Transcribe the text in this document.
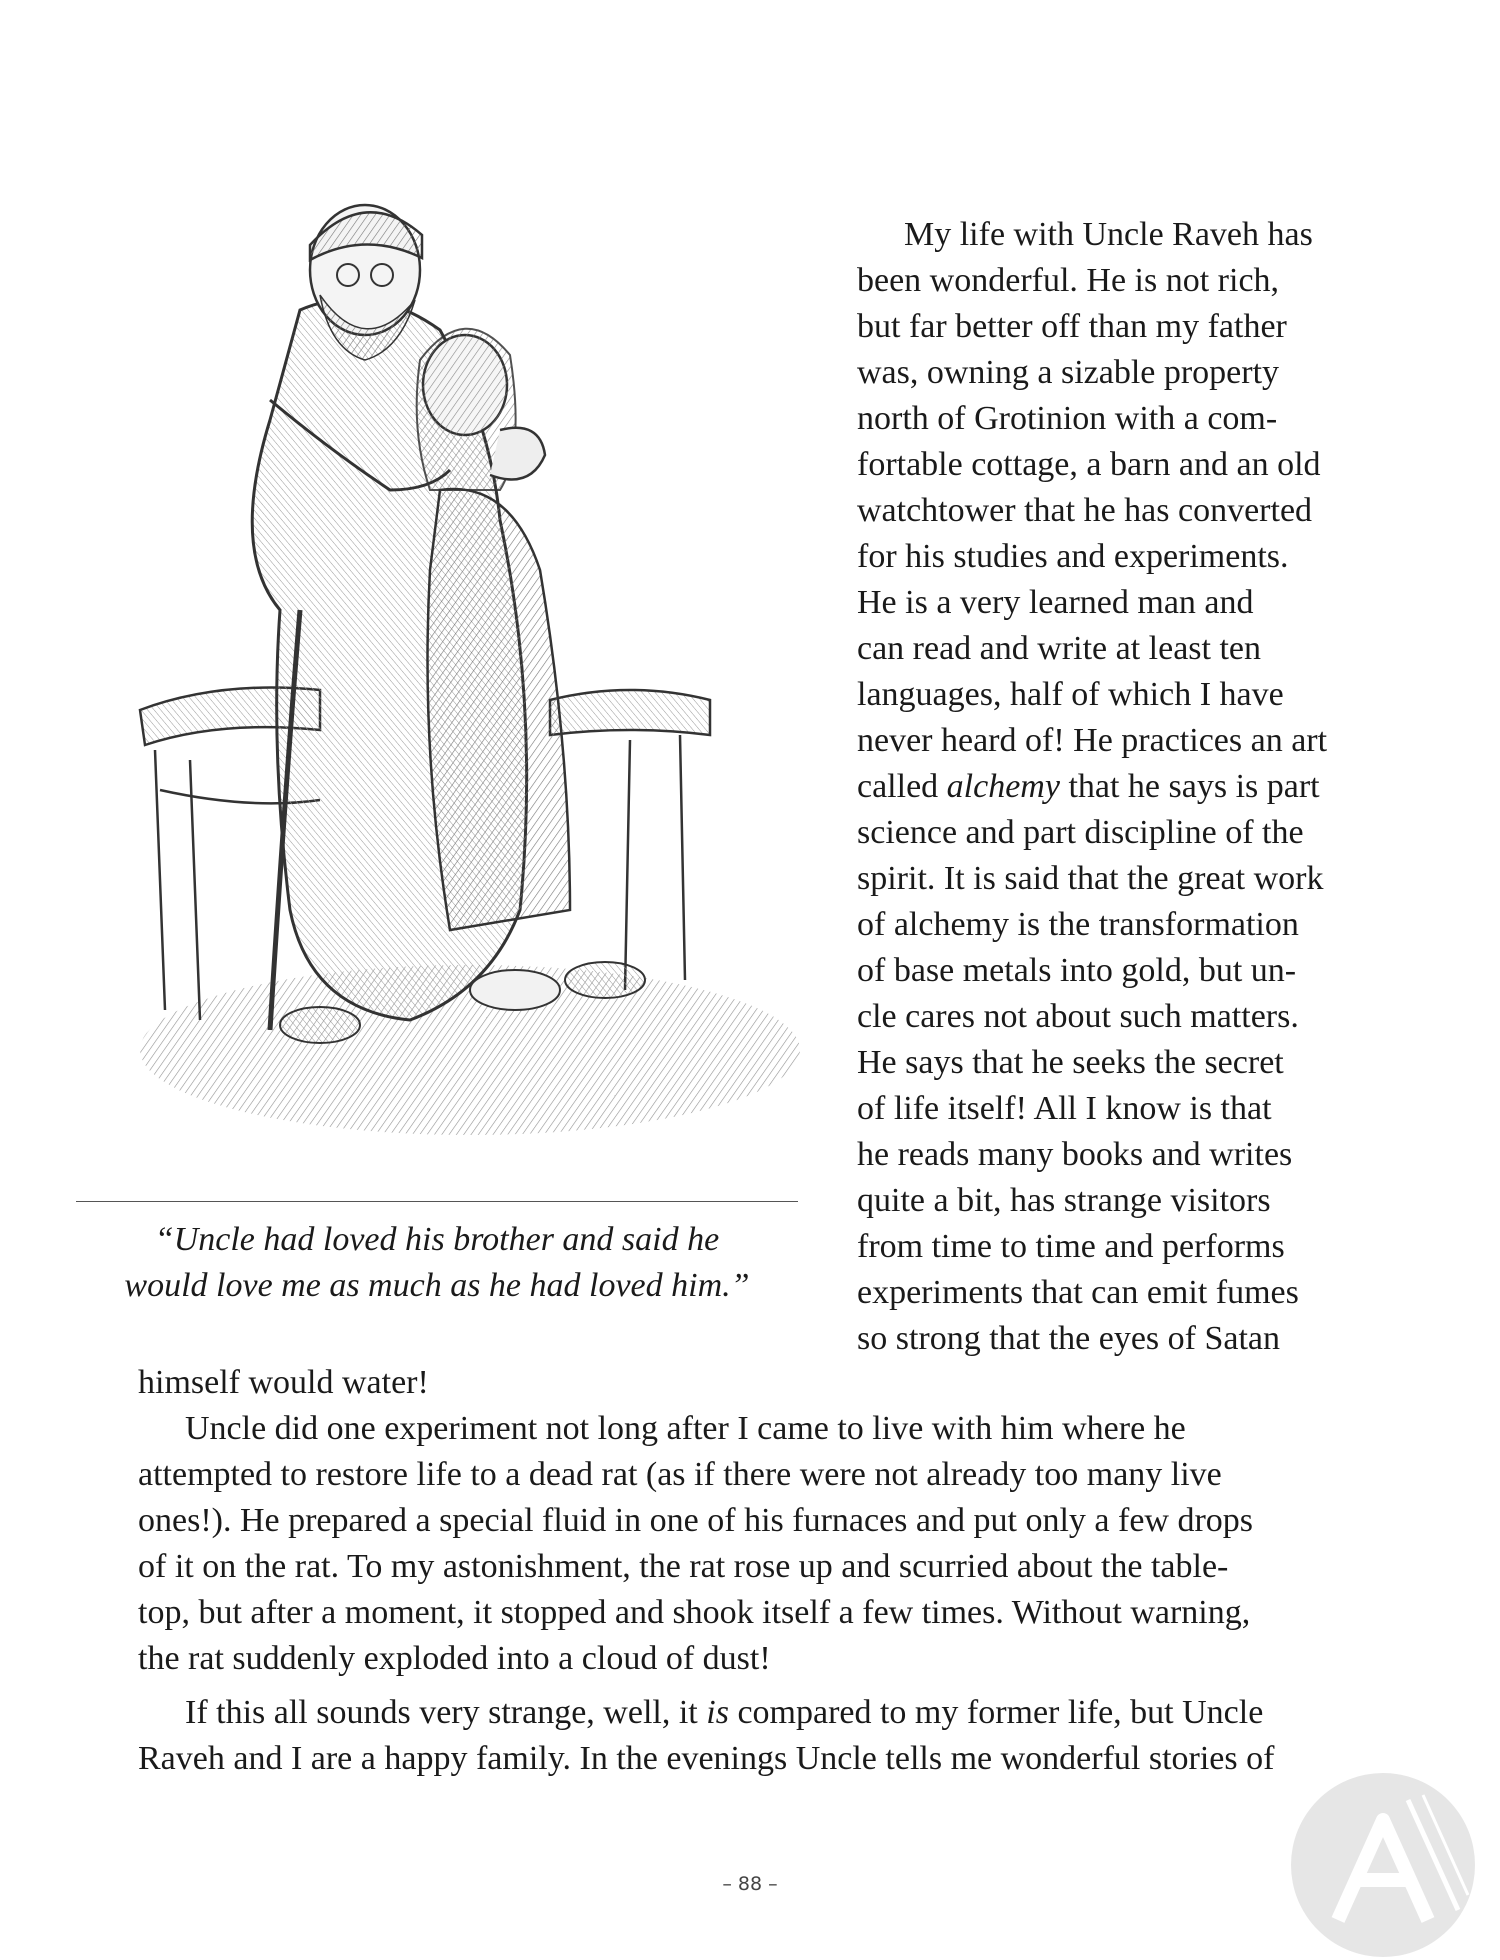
“Uncle had loved his brother and said he
would love me as much as he had loved him.”
My life with Uncle Raveh has
been wonderful. He is not rich,
but far better off than my father
was, owning a sizable property
north of Grotinion with a com-
fortable cottage, a barn and an old
watchtower that he has converted
for his studies and experiments.
He is a very learned man and
can read and write at least ten
languages, half of which I have
never heard of! He practices an art
called alchemy that he says is part
science and part discipline of the
spirit. It is said that the great work
of alchemy is the transformation
of base metals into gold, but un-
cle cares not about such matters.
He says that he seeks the secret
of life itself! All I know is that
he reads many books and writes
quite a bit, has strange visitors
from time to time and performs
experiments that can emit fumes
so strong that the eyes of Satan
himself would water!
Uncle did one experiment not long after I came to live with him where he
attempted to restore life to a dead rat (as if there were not already too many live
ones!). He prepared a special fluid in one of his furnaces and put only a few drops
of it on the rat. To my astonishment, the rat rose up and scurried about the table-
top, but after a moment, it stopped and shook itself a few times. Without warning,
the rat suddenly exploded into a cloud of dust!
If this all sounds very strange, well, it is compared to my former life, but Uncle
Raveh and I are a happy family. In the evenings Uncle tells me wonderful stories of
– 88 –
